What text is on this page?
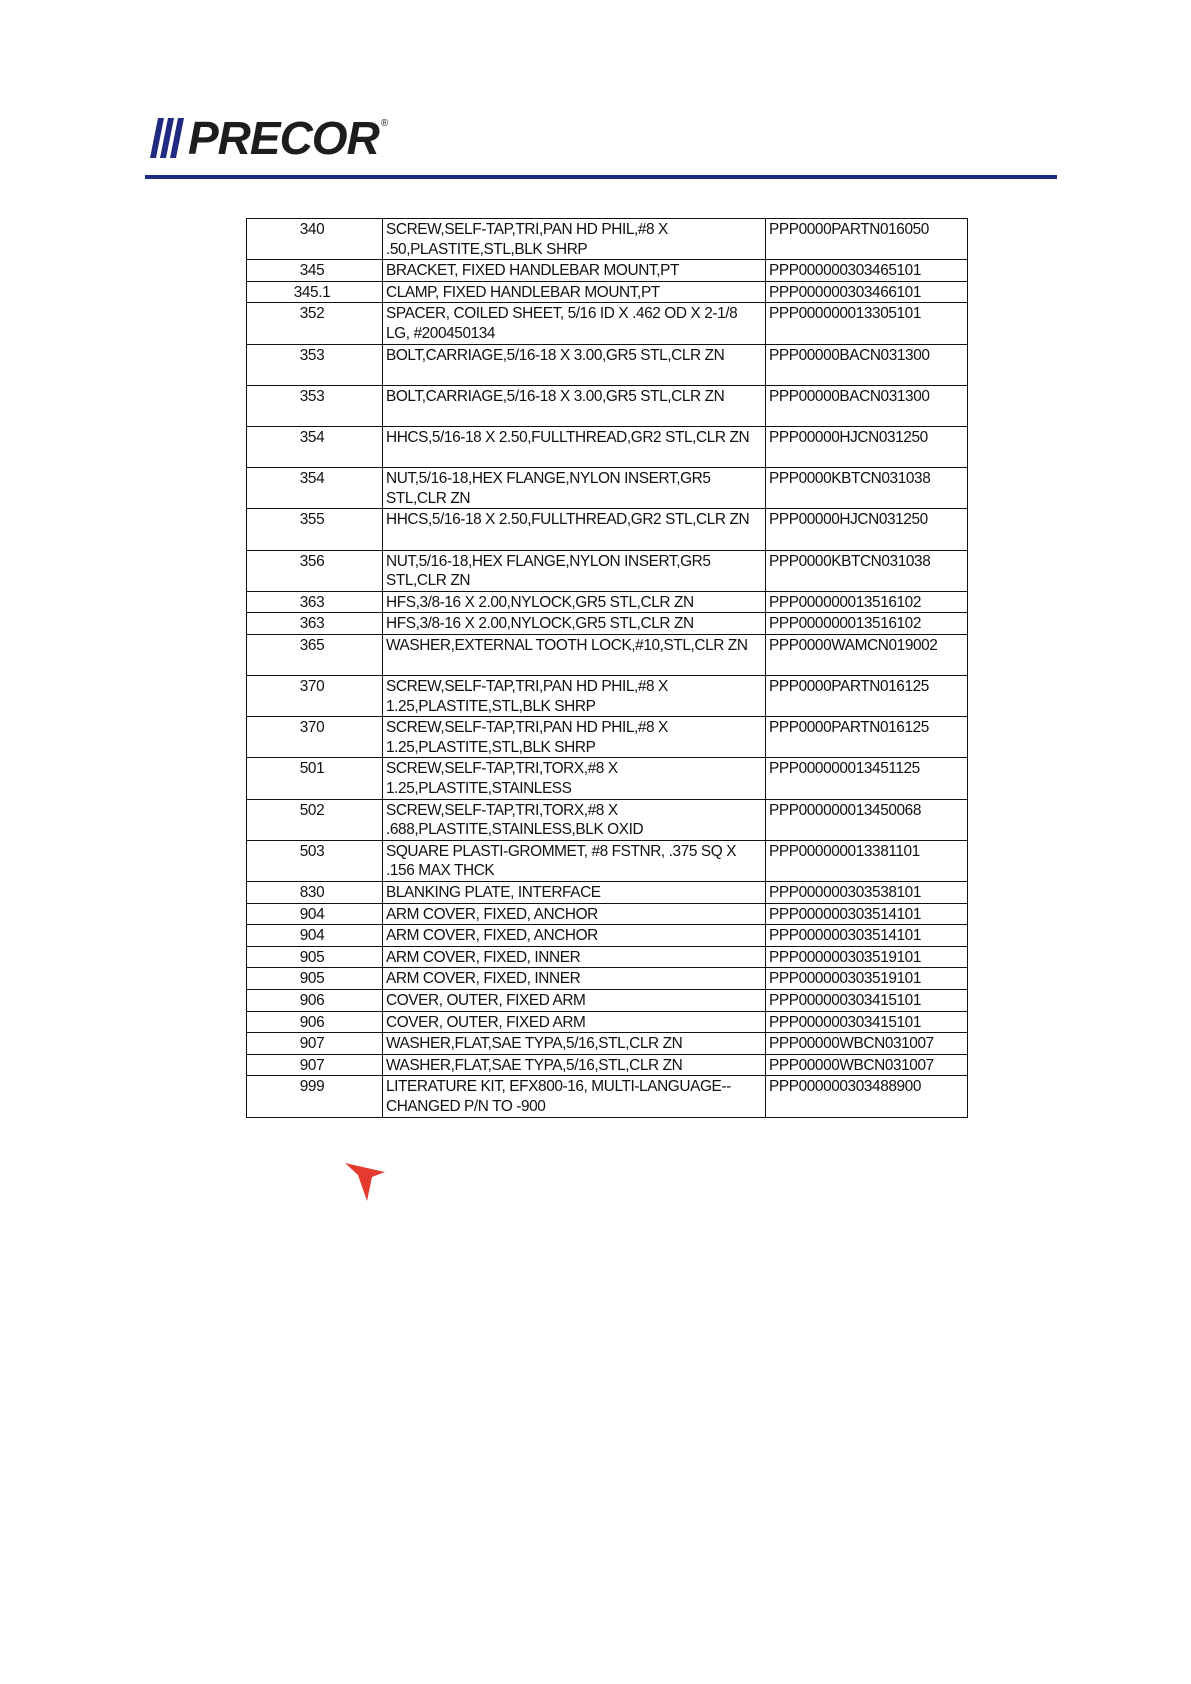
PRECOR ®
340	SCREW,SELF-TAP,TRI,PAN HD PHIL,#8 X .50,PLASTITE,STL,BLK SHRP	PPP0000PARTN016050
345	BRACKET, FIXED HANDLEBAR MOUNT,PT	PPP000000303465101
345.1	CLAMP, FIXED HANDLEBAR MOUNT,PT	PPP000000303466101
352	SPACER, COILED SHEET, 5/16 ID X .462 OD X 2-1/8 LG, #200450134	PPP000000013305101
353	BOLT,CARRIAGE,5/16-18 X 3.00,GR5 STL,CLR ZN	PPP00000BACN031300
353	BOLT,CARRIAGE,5/16-18 X 3.00,GR5 STL,CLR ZN	PPP00000BACN031300
354	HHCS,5/16-18 X 2.50,FULLTHREAD,GR2 STL,CLR ZN	PPP00000HJCN031250
354	NUT,5/16-18,HEX FLANGE,NYLON INSERT,GR5 STL,CLR ZN	PPP0000KBTCN031038
355	HHCS,5/16-18 X 2.50,FULLTHREAD,GR2 STL,CLR ZN	PPP00000HJCN031250
356	NUT,5/16-18,HEX FLANGE,NYLON INSERT,GR5 STL,CLR ZN	PPP0000KBTCN031038
363	HFS,3/8-16 X 2.00,NYLOCK,GR5 STL,CLR ZN	PPP000000013516102
363	HFS,3/8-16 X 2.00,NYLOCK,GR5 STL,CLR ZN	PPP000000013516102
365	WASHER,EXTERNAL TOOTH LOCK,#10,STL,CLR ZN	PPP0000WAMCN019002
370	SCREW,SELF-TAP,TRI,PAN HD PHIL,#8 X 1.25,PLASTITE,STL,BLK SHRP	PPP0000PARTN016125
370	SCREW,SELF-TAP,TRI,PAN HD PHIL,#8 X 1.25,PLASTITE,STL,BLK SHRP	PPP0000PARTN016125
501	SCREW,SELF-TAP,TRI,TORX,#8 X 1.25,PLASTITE,STAINLESS	PPP000000013451125
502	SCREW,SELF-TAP,TRI,TORX,#8 X .688,PLASTITE,STAINLESS,BLK OXID	PPP000000013450068
503	SQUARE PLASTI-GROMMET, #8 FSTNR, .375 SQ X .156 MAX THCK	PPP000000013381101
830	BLANKING PLATE, INTERFACE	PPP000000303538101
904	ARM COVER, FIXED, ANCHOR	PPP000000303514101
904	ARM COVER, FIXED, ANCHOR	PPP000000303514101
905	ARM COVER, FIXED, INNER	PPP000000303519101
905	ARM COVER, FIXED, INNER	PPP000000303519101
906	COVER, OUTER, FIXED ARM	PPP000000303415101
906	COVER, OUTER, FIXED ARM	PPP000000303415101
907	WASHER,FLAT,SAE TYPA,5/16,STL,CLR ZN	PPP00000WBCN031007
907	WASHER,FLAT,SAE TYPA,5/16,STL,CLR ZN	PPP00000WBCN031007
999	LITERATURE KIT, EFX800-16, MULTI-LANGUAGE--CHANGED P/N TO -900	PPP000000303488900
